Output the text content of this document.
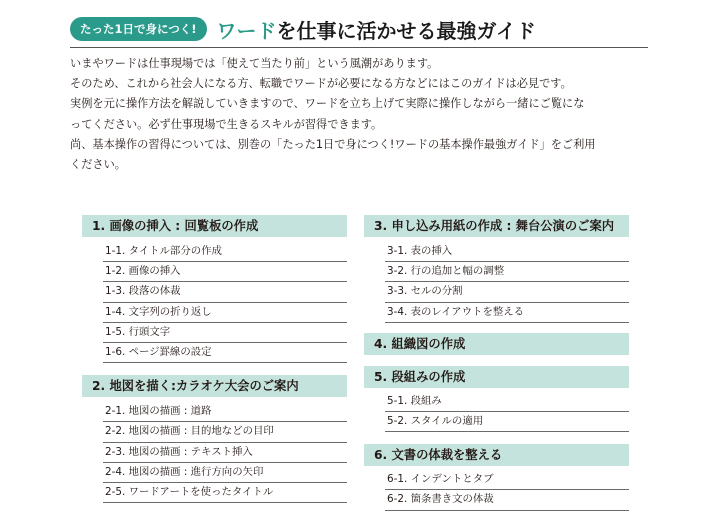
たった1日で身につく!	ワードを仕事に活かせる最強ガイド

いまやワードは仕事現場では「使えて当たり前」という風潮があります。

そのため、これから社会人になる方、転職でワードが必要になる方などにはこのガイドは必見です。

実例を元に操作方法を解説していきますので、ワードを立ち上げて実際に操作しながら一緒にご覧にな

ってください。必ず仕事現場で生きるスキルが習得できます。

尚、基本操作の習得については、別巻の「たった1日で身につく!ワードの基本操作最強ガイド」をご利用

ください。

1. 画像の挿入 : 回覧板の作成
1-1. タイトル部分の作成
1-2. 画像の挿入
1-3. 段落の体裁
1-4. 文字列の折り返し
1-5. 行頭文字
1-6. ページ罫線の設定
2. 地図を描く:カラオケ大会のご案内
2-1. 地図の描画 : 道路
2-2. 地図の描画 : 目的地などの目印
2-3. 地図の描画 : テキスト挿入
2-4. 地図の描画 : 進行方向の矢印
2-5. ワードアートを使ったタイトル
3. 申し込み用紙の作成 : 舞台公演のご案内
3-1. 表の挿入
3-2. 行の追加と幅の調整
3-3. セルの分割
3-4. 表のレイアウトを整える
4. 組織図の作成
5. 段組みの作成
5-1. 段組み
5-2. スタイルの適用
6. 文書の体裁を整える
6-1. インデントとタブ
6-2. 箇条書き文の体裁
